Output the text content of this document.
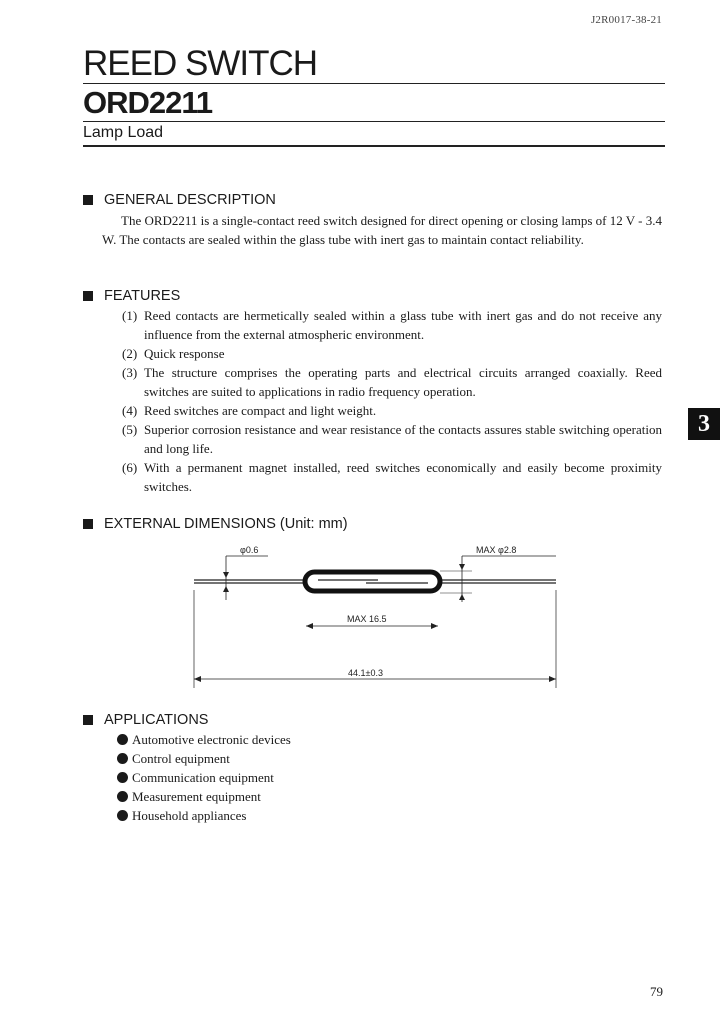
J2R0017-38-21
REED SWITCH
ORD2211
Lamp Load
GENERAL DESCRIPTION
The ORD2211 is a single-contact reed switch designed for direct opening or closing lamps of 12 V - 3.4 W. The contacts are sealed within the glass tube with inert gas to maintain contact reliability.
FEATURES
(1) Reed contacts are hermetically sealed within a glass tube with inert gas and do not receive any influence from the external atmospheric environment.
(2) Quick response
(3) The structure comprises the operating parts and electrical circuits arranged coaxially. Reed switches are suited to applications in radio frequency operation.
(4) Reed switches are compact and light weight.
(5) Superior corrosion resistance and wear resistance of the contacts assures stable switching operation and long life.
(6) With a permanent magnet installed, reed switches economically and easily become proximity switches.
EXTERNAL DIMENSIONS (Unit: mm)
φ0.6	MAX φ2.8
MAX 16.5
44.1±0.3
APPLICATIONS
Automotive electronic devices
Control equipment
Communication equipment
Measurement equipment
Household appliances
3
79
